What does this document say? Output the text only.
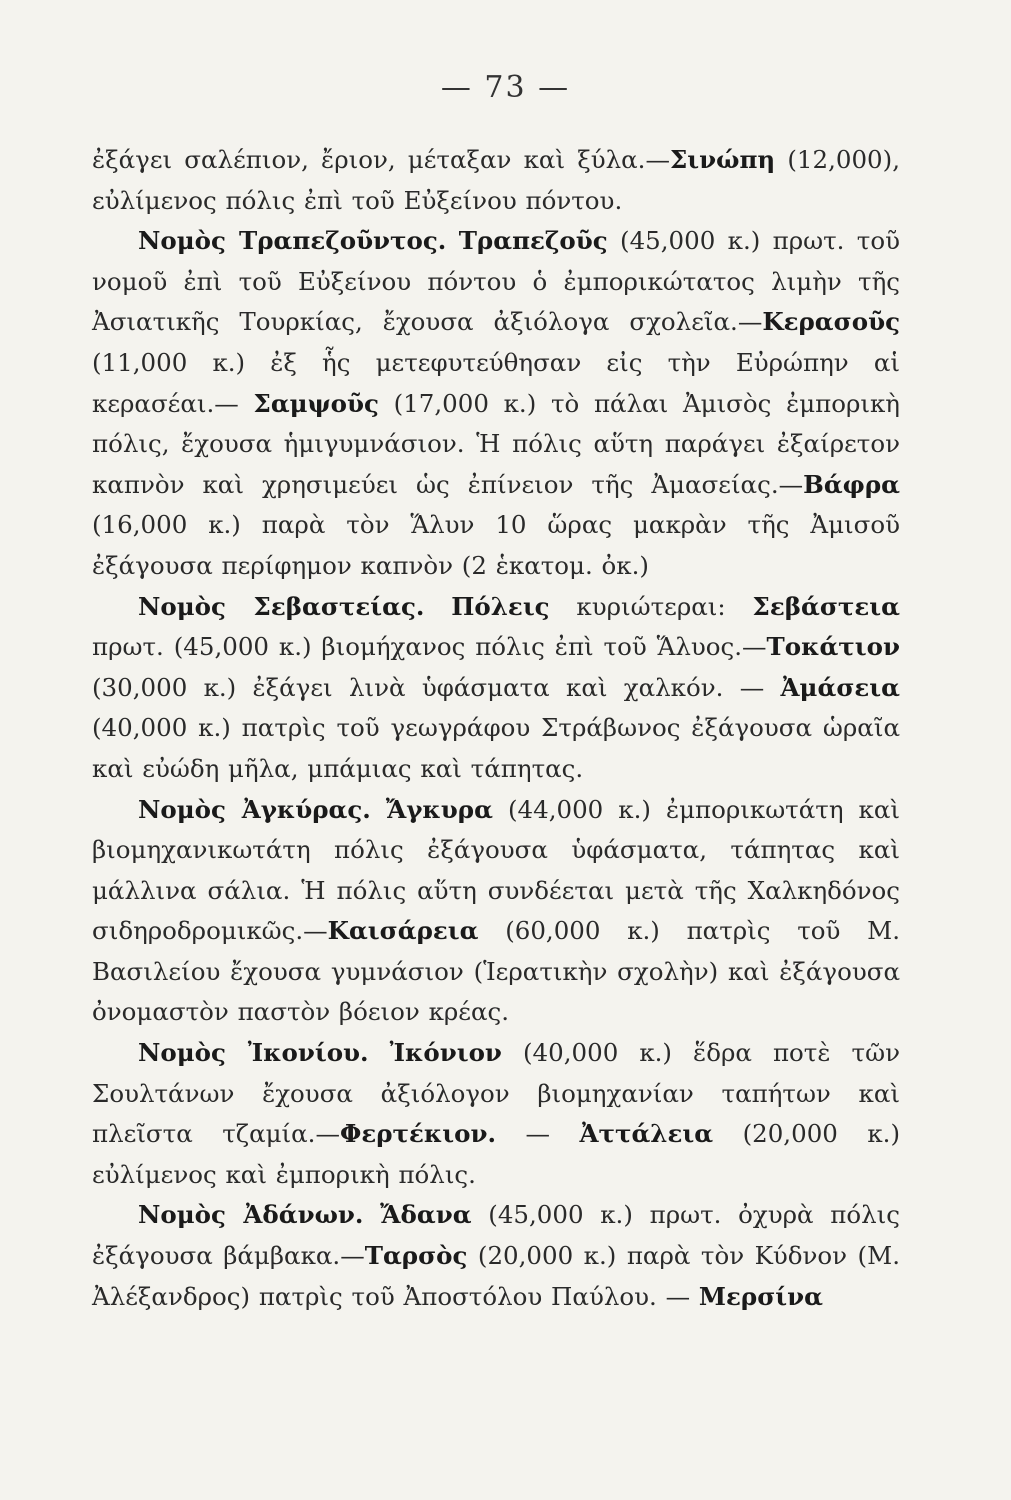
— 73 —

ἐξάγει σαλέπιον, ἔριον, μέταξαν καὶ ξύλα.—Σινώπη (12,000), εὐλίμενος πόλις ἐπὶ τοῦ Εὐξείνου πόντου.

Νομὸς Τραπεζοῦντος. Τραπεζοῦς (45,000 κ.) πρωτ. τοῦ νομοῦ ἐπὶ τοῦ Εὐξείνου πόντου ὁ ἐμπορικώτατος λιμὴν τῆς Ἀσιατικῆς Τουρκίας, ἔχουσα ἀξιόλογα σχολεῖα.—Κερασοῦς (11,000 κ.) ἐξ ἧς μετεφυτεύθησαν εἰς τὴν Εὐρώπην αἱ κερασέαι.— Σαμψοῦς (17,000 κ.) τὸ πάλαι Ἀμισὸς ἐμπορικὴ πόλις, ἔχουσα ἡμιγυμνάσιον. Ἡ πόλις αὕτη παράγει ἐξαίρετον καπνὸν καὶ χρησιμεύει ὡς ἐπίνειον τῆς Ἀμασείας.—Βάφρα (16,000 κ.) παρὰ τὸν Ἅλυν 10 ὥρας μακρὰν τῆς Ἀμισοῦ ἐξάγουσα περίφημον καπνὸν (2 ἑκατομ. ὀκ.)

Νομὸς Σεβαστείας. Πόλεις κυριώτεραι: Σεβάστεια πρωτ. (45,000 κ.) βιομήχανος πόλις ἐπὶ τοῦ Ἅλυος.—Τοκάτιον (30,000 κ.) ἐξάγει λινὰ ὑφάσματα καὶ χαλκόν. — Ἀμάσεια (40,000 κ.) πατρὶς τοῦ γεωγράφου Στράβωνος ἐξάγουσα ὡραῖα καὶ εὐώδη μῆλα, μπάμιας καὶ τάπητας.

Νομὸς Ἀγκύρας. Ἄγκυρα (44,000 κ.) ἐμπορικωτάτη καὶ βιομηχανικωτάτη πόλις ἐξάγουσα ὑφάσματα, τάπητας καὶ μάλλινα σάλια. Ἡ πόλις αὕτη συνδέεται μετὰ τῆς Χαλκηδόνος σιδηροδρομικῶς.—Καισάρεια (60,000 κ.) πατρὶς τοῦ Μ. Βασιλείου ἔχουσα γυμνάσιον (Ἱερατικὴν σχολὴν) καὶ ἐξάγουσα ὀνομαστὸν παστὸν βόειον κρέας.

Νομὸς Ἰκονίου. Ἰκόνιον (40,000 κ.) ἕδρα ποτὲ τῶν Σουλτάνων ἔχουσα ἀξιόλογον βιομηχανίαν ταπήτων καὶ πλεῖστα τζαμία.—Φερτέκιον. — Ἀττάλεια (20,000 κ.) εὐλίμενος καὶ ἐμπορικὴ πόλις.

Νομὸς Ἀδάνων. Ἄδανα (45,000 κ.) πρωτ. ὀχυρὰ πόλις ἐξάγουσα βάμβακα.—Ταρσὸς (20,000 κ.) παρὰ τὸν Κύδνον (Μ. Ἀλέξανδρος) πατρὶς τοῦ Ἀποστόλου Παύλου. — Μερσίνα
